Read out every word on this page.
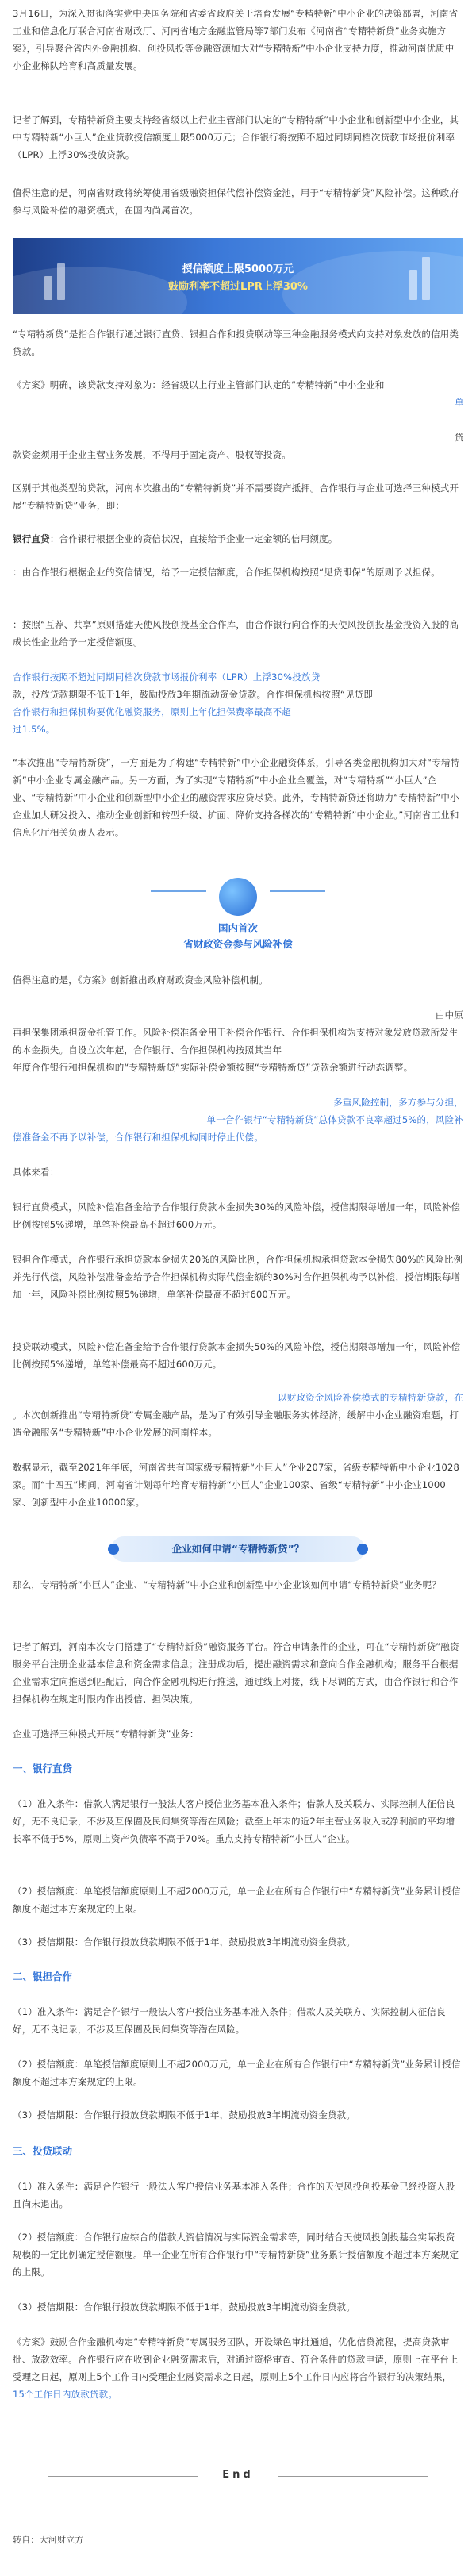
3月16日，为深入贯彻落实党中央国务院和省委省政府关于培育发展“专精特新”中小企业的决策部署，河南省工业和信息化厅联合河南省财政厅、河南省地方金融监管局等7部门发布《河南省“专精特新贷”业务实施方案》，引导聚合省内外金融机构、创投风投等金融资源加大对“专精特新”中小企业支持力度，推动河南优质中小企业梯队培育和高质量发展。

记者了解到，专精特新贷主要支持经省级以上行业主管部门认定的“专精特新”中小企业和创新型中小企业，其中专精特新“小巨人”企业贷款授信额度上限5000万元；合作银行将按照不超过同期同档次贷款市场报价利率（LPR）上浮30%投放贷款。

值得注意的是，河南省财政将统筹使用省级融资担保代偿补偿资金池，用于“专精特新贷”风险补偿。这种政府参与风险补偿的融资模式，在国内尚属首次。

授信额度上限5000万元
鼓励利率不超过LPR上浮30%

“专精特新贷”是指合作银行通过银行直贷、银担合作和投贷联动等三种金融服务模式向支持对象发放的信用类贷款。

《方案》明确，该贷款支持对象为：经省级以上行业主管部门认定的“专精特新”中小企业和

单
贷

款资金须用于企业主营业务发展，不得用于固定资产、股权等投资。

区别于其他类型的贷款，河南本次推出的“专精特新贷”并不需要资产抵押。合作银行与企业可选择三种模式开展“专精特新贷”业务，即：

银行直贷：合作银行根据企业的资信状况，直接给予企业一定金额的信用额度。

：由合作银行根据企业的资信情况，给予一定授信额度，合作担保机构按照“见贷即保”的原则予以担保。

：按照“互荐、共享”原则搭建天使风投创投基金合作库，由合作银行向合作的天使风投创投基金投资入股的高成长性企业给予一定授信额度。

合作银行按照不超过同期同档次贷款市场报价利率（LPR）上浮30%投放贷

款，投放贷款期限不低于1年，鼓励投放3年期流动资金贷款。合作担保机构按照“见贷即

合作银行和担保机构要优化融资服务，原则上年化担保费率最高不超

过1.5%。

“本次推出“专精特新贷”，一方面是为了构建“专精特新”中小企业融资体系，引导各类金融机构加大对“专精特新”中小企业专属金融产品。另一方面，为了实现“专精特新”中小企业全覆盖，对“专精特新”“小巨人”企业、“专精特新”中小企业和创新型中小企业的融资需求应贷尽贷。此外，专精特新贷还将助力“专精特新”中小企业加大研发投入、推动企业创新和转型升级、扩面、降价支持各梯次的“专精特新”中小企业。”河南省工业和信息化厅相关负责人表示。

国内首次
省财政资金参与风险补偿

值得注意的是，《方案》创新推出政府财政资金风险补偿机制。

由中原

再担保集团承担资金托管工作。风险补偿准备金用于补偿合作银行、合作担保机构为支持对象发放贷款所发生的本金损失。自设立次年起，合作银行、合作担保机构按照其当年

年度合作银行和担保机构的“专精特新贷”实际补偿金额按照“专精特新贷”贷款余额进行动态调整。

多重风险控制，多方参与分担，

单一合作银行“专精特新贷”总体贷款不良率超过5%的，风险补

偿准备金不再予以补偿，合作银行和担保机构同时停止代偿。

具体来看：

银行直贷模式，风险补偿准备金给予合作银行贷款本金损失30%的风险补偿，授信期限每增加一年，风险补偿比例按照5%递增，单笔补偿最高不超过600万元。

银担合作模式，合作银行承担贷款本金损失20%的风险比例，合作担保机构承担贷款本金损失80%的风险比例并先行代偿，风险补偿准备金给予合作担保机构实际代偿金额的30%对合作担保机构予以补偿，授信期限每增加一年，风险补偿比例按照5%递增，单笔补偿最高不超过600万元。

投贷联动模式，风险补偿准备金给予合作银行贷款本金损失50%的风险补偿，授信期限每增加一年，风险补偿比例按照5%递增，单笔补偿最高不超过600万元。

以财政资金风险补偿模式的专精特新贷款，在

。本次创新推出“专精特新贷”专属金融产品，是为了有效引导金融服务实体经济，缓解中小企业融资难题，打造金融服务“专精特新”中小企业发展的河南样本。

数据显示，截至2021年年底，河南省共有国家级专精特新“小巨人”企业207家，省级专精特新中小企业1028家。而“十四五”期间，河南省计划每年培育专精特新“小巨人”企业100家、省级“专精特新”中小企业1000家、创新型中小企业10000家。

企业如何申请“专精特新贷”？

那么，专精特新“小巨人”企业、“专精特新”中小企业和创新型中小企业该如何申请“专精特新贷”业务呢？

记者了解到，河南本次专门搭建了“专精特新贷”融资服务平台。符合申请条件的企业，可在“专精特新贷”融资服务平台注册企业基本信息和资金需求信息；注册成功后，提出融资需求和意向合作金融机构；服务平台根据企业需求定向推送到匹配后，向合作金融机构进行推送，通过线上对接，线下尽调的方式，由合作银行和合作担保机构在规定时限内作出授信、担保决策。

企业可选择三种模式开展“专精特新贷”业务：

一、银行直贷

（1）准入条件：借款人满足银行一般法人客户授信业务基本准入条件；借款人及关联方、实际控制人征信良好，无不良记录，不涉及互保圈及民间集资等潜在风险；截至上年末的近2年主营业务收入或净利润的平均增长率不低于5%，原则上资产负债率不高于70%。重点支持专精特新“小巨人”企业。

（2）授信额度：单笔授信额度原则上不超2000万元，单一企业在所有合作银行中“专精特新贷”业务累计授信额度不超过本方案规定的上限。

（3）授信期限：合作银行投放贷款期限不低于1年，鼓励投放3年期流动资金贷款。

二、银担合作

（1）准入条件：满足合作银行一般法人客户授信业务基本准入条件；借款人及关联方、实际控制人征信良好，无不良记录，不涉及互保圈及民间集资等潜在风险。

（2）授信额度：单笔授信额度原则上不超2000万元，单一企业在所有合作银行中“专精特新贷”业务累计授信额度不超过本方案规定的上限。

（3）授信期限：合作银行投放贷款期限不低于1年，鼓励投放3年期流动资金贷款。

三、投贷联动

（1）准入条件：满足合作银行一般法人客户授信业务基本准入条件；合作的天使风投创投基金已经投资入股且尚未退出。

（2）授信额度：合作银行应综合的借款人资信情况与实际资金需求等，同时结合天使风投创投基金实际投资规模的一定比例确定授信额度。单一企业在所有合作银行中“专精特新贷”业务累计授信额度不超过本方案规定的上限。

（3）授信期限：合作银行投放贷款期限不低于1年，鼓励投放3年期流动资金贷款。

《方案》鼓励合作金融机构定“专精特新贷”专属服务团队，开设绿色审批通道，优化信贷流程，提高贷款审批、放款效率。合作银行应在收到企业融资需求后，对通过资格审查、符合条件的贷款申请，原则上在平台上受理之日起，原则上5个工作日内受理企业融资需求之日起，原则上5个工作日内应将合作银行的决策结果，15个工作日内放款贷款。

End

转自：大河财立方
